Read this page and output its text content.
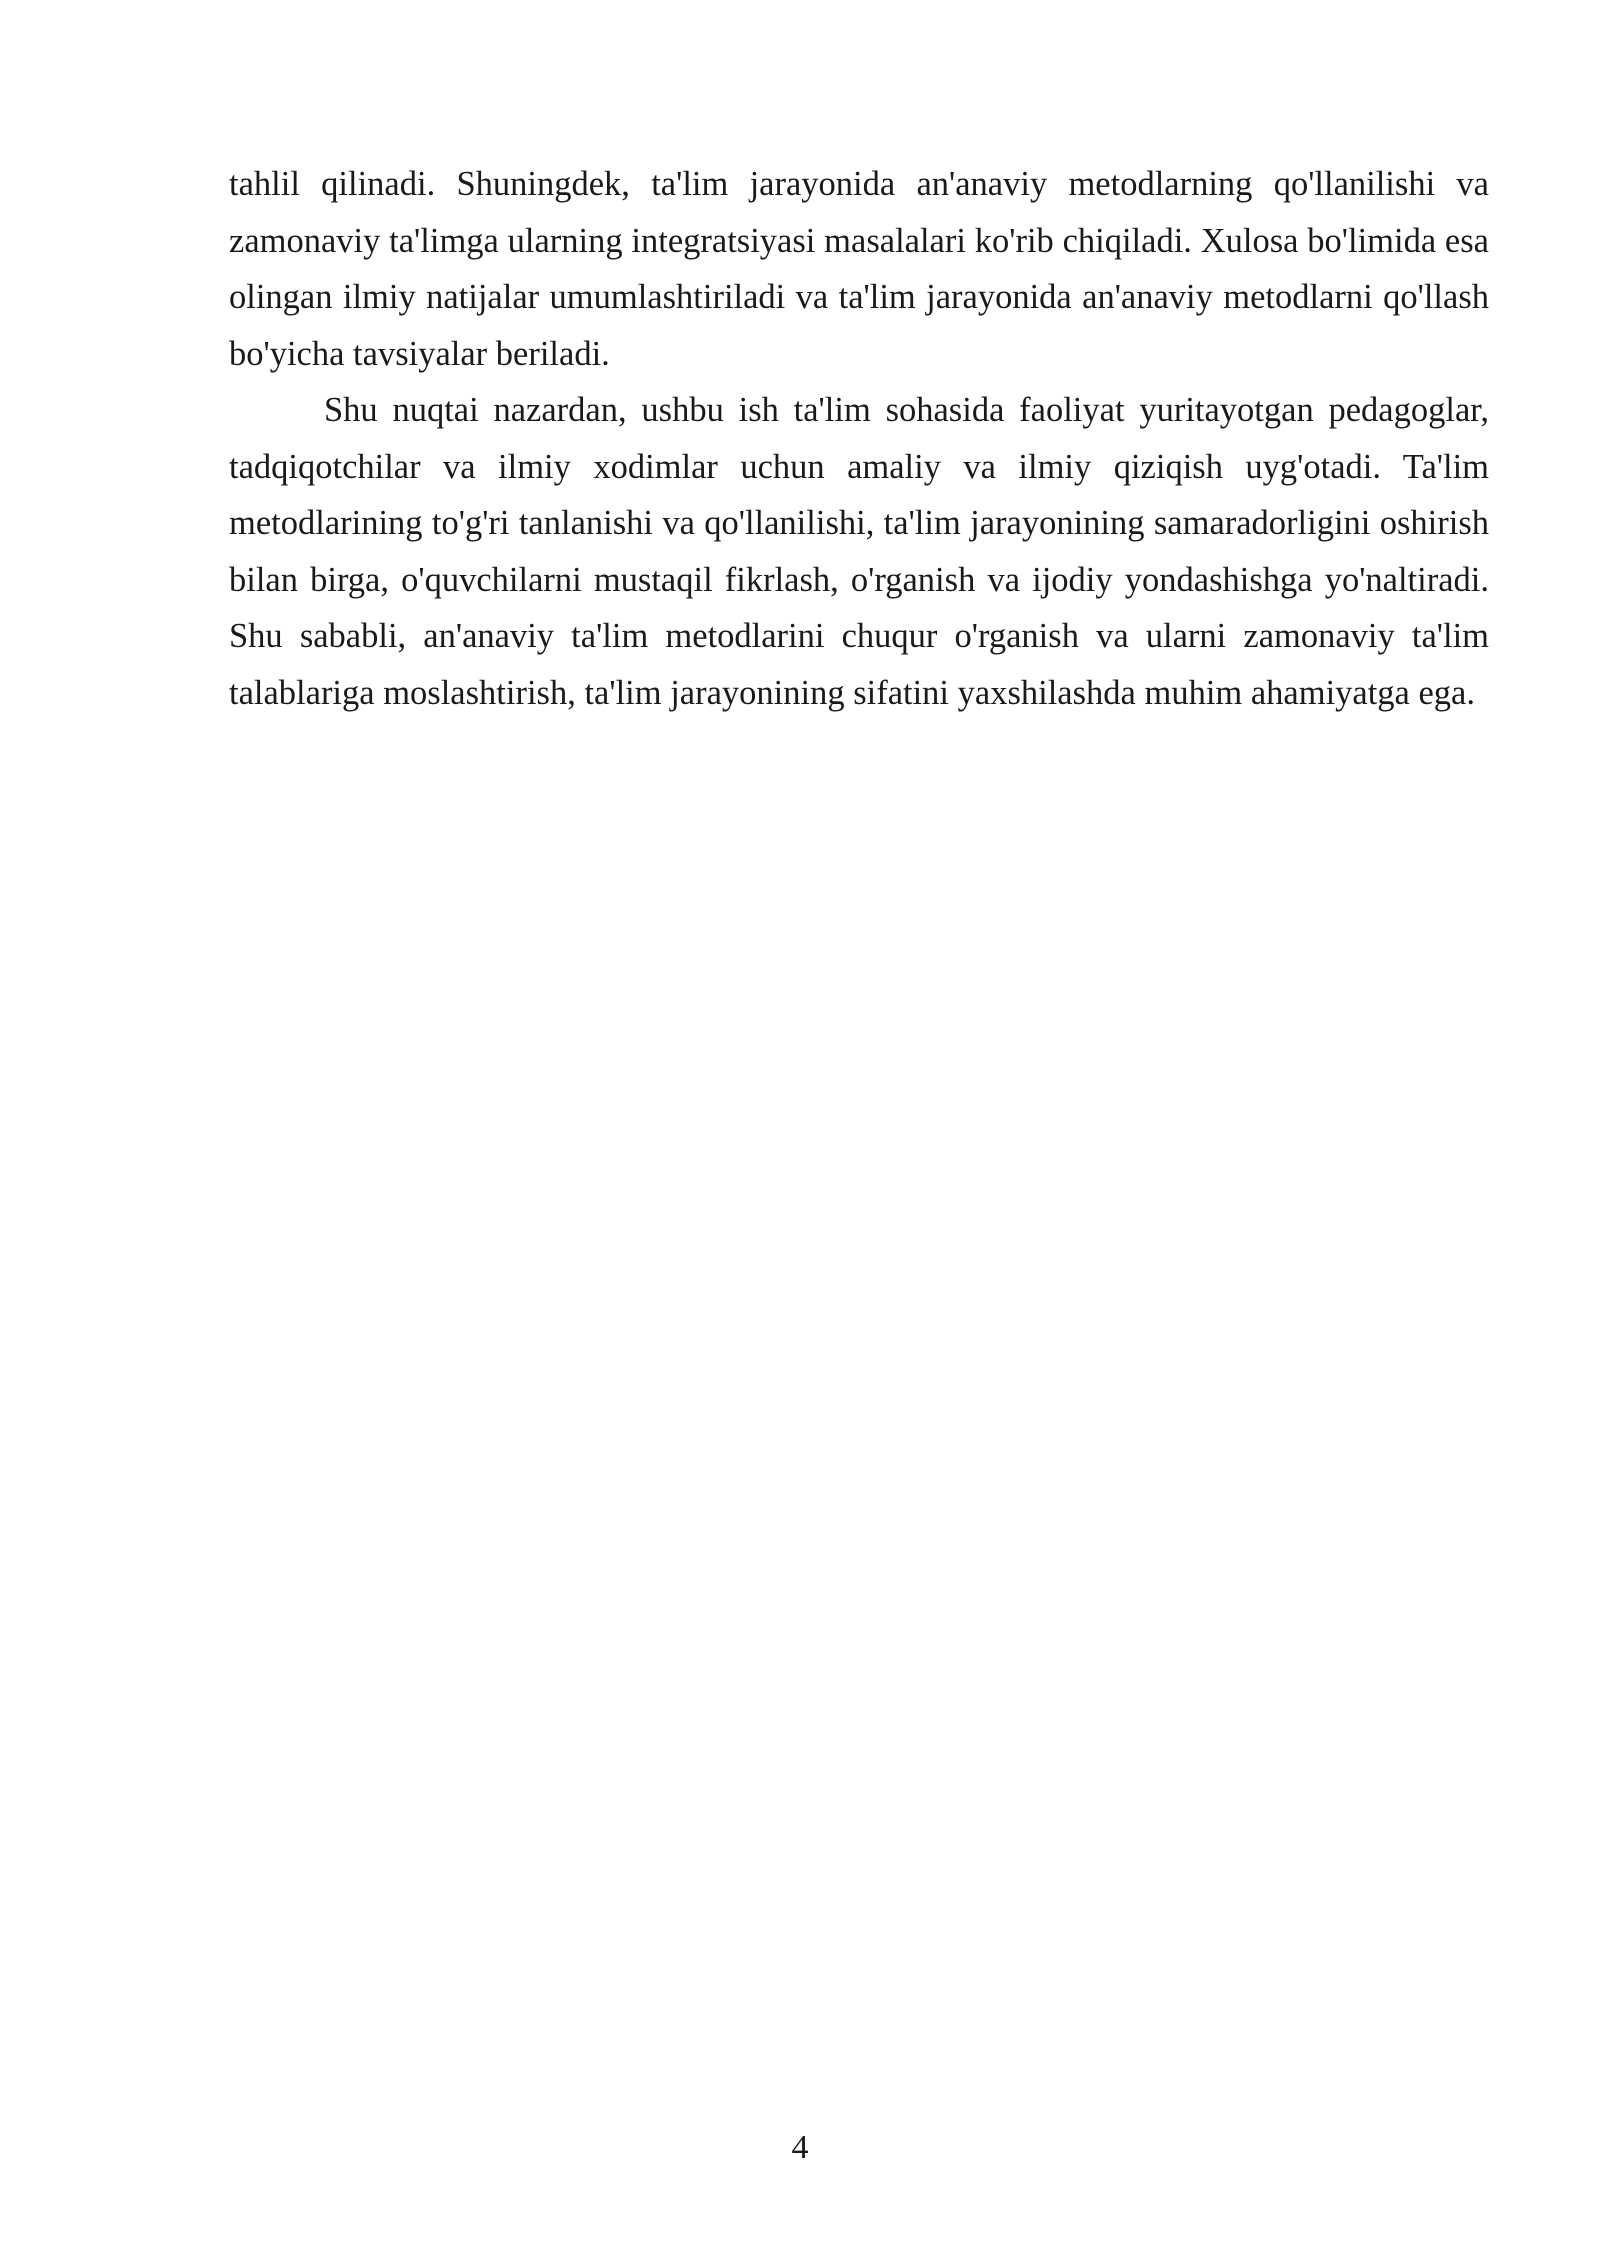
tahlil qilinadi. Shuningdek, ta'lim jarayonida an'anaviy metodlarning qo'llanilishi va zamonaviy ta'limga ularning integratsiyasi masalalari ko'rib chiqiladi. Xulosa bo'limida esa olingan ilmiy natijalar umumlashtiriladi va ta'lim jarayonida an'anaviy metodlarni qo'llash bo'yicha tavsiyalar beriladi.

Shu nuqtai nazardan, ushbu ish ta'lim sohasida faoliyat yuritayotgan pedagoglar, tadqiqotchilar va ilmiy xodimlar uchun amaliy va ilmiy qiziqish uyg'otadi. Ta'lim metodlarining to'g'ri tanlanishi va qo'llanilishi, ta'lim jarayonining samaradorligini oshirish bilan birga, o'quvchilarni mustaqil fikrlash, o'rganish va ijodiy yondashishga yo'naltiradi. Shu sababli, an'anaviy ta'lim metodlarini chuqur o'rganish va ularni zamonaviy ta'lim talablariga moslashtirish, ta'lim jarayonining sifatini yaxshilashda muhim ahamiyatga ega.

4
